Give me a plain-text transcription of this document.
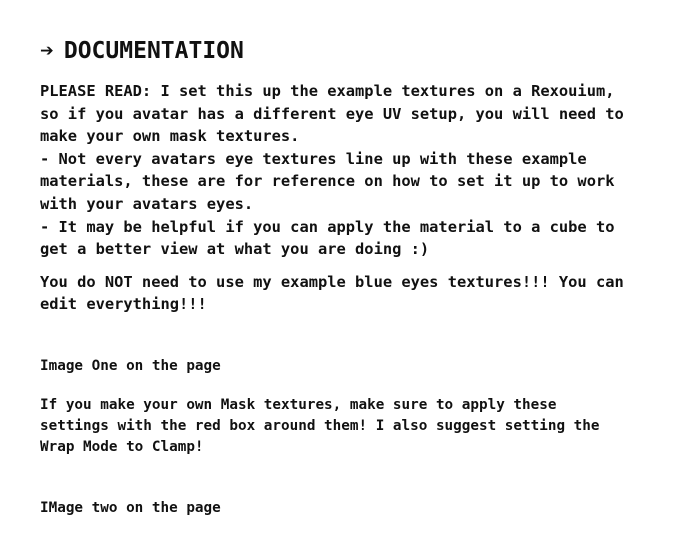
➔ DOCUMENTATION

PLEASE READ: I set this up the example textures on a Rexouium,
so if you avatar has a different eye UV setup, you will need to
make your own mask textures.
- Not every avatars eye textures line up with these example
materials, these are for reference on how to set it up to work
with your avatars eyes.
- It may be helpful if you can apply the material to a cube to
get a better view at what you are doing :)

You do NOT need to use my example blue eyes textures!!! You can
edit everything!!!

Image One on the page

If you make your own Mask textures, make sure to apply these
settings with the red box around them! I also suggest setting the
Wrap Mode to Clamp!

IMage two on the page
